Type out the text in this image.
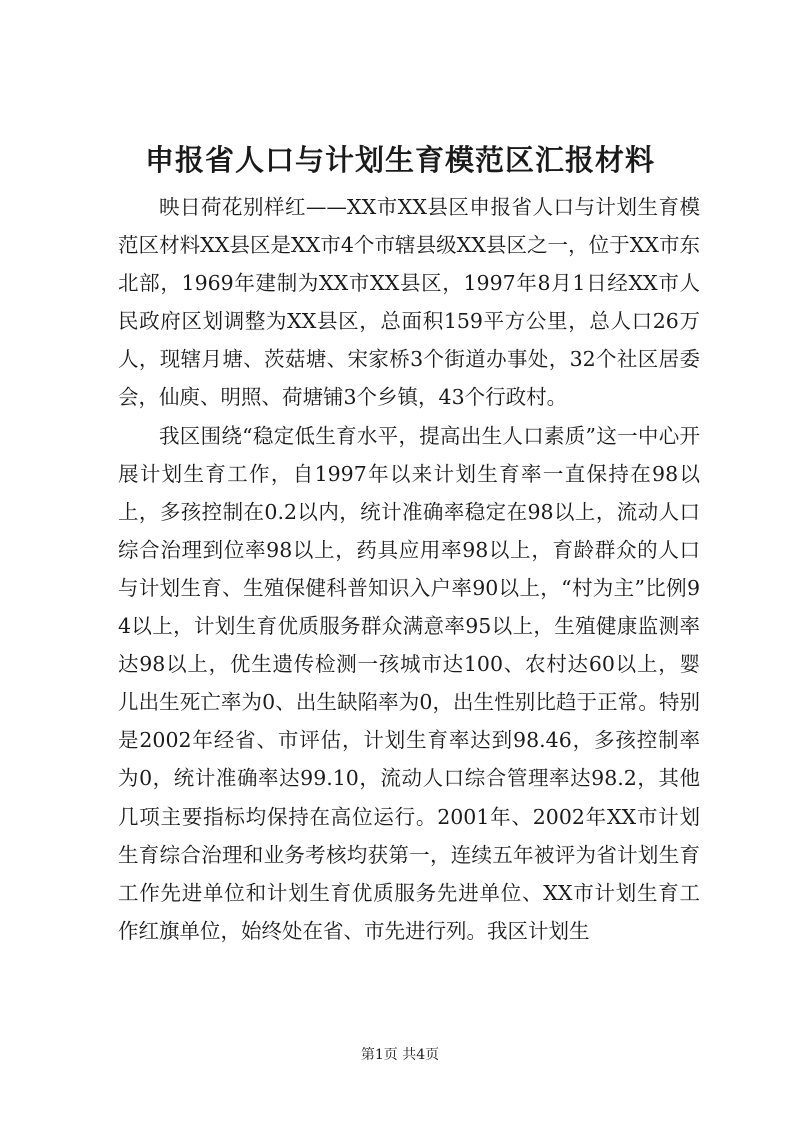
申报省人口与计划生育模范区汇报材料

映日荷花别样红——XX市XX县区申报省人口与计划生育模范区材料XX县区是XX市4个市辖县级XX县区之一，位于XX市东北部，1969年建制为XX市XX县区，1997年8月1日经XX市人民政府区划调整为XX县区，总面积159平方公里，总人口26万人，现辖月塘、茨菇塘、宋家桥3个街道办事处，32个社区居委会，仙庾、明照、荷塘铺3个乡镇，43个行政村。

我区围绕“稳定低生育水平，提高出生人口素质”这一中心开展计划生育工作，自1997年以来计划生育率一直保持在98以上，多孩控制在0.2以内，统计准确率稳定在98以上，流动人口综合治理到位率98以上，药具应用率98以上，育龄群众的人口与计划生育、生殖保健科普知识入户率90以上，“村为主”比例94以上，计划生育优质服务群众满意率95以上，生殖健康监测率达98以上，优生遗传检测一孩城市达100、农村达60以上，婴儿出生死亡率为0、出生缺陷率为0，出生性别比趋于正常。特别是2002年经省、市评估，计划生育率达到98.46，多孩控制率为0，统计准确率达99.10，流动人口综合管理率达98.2，其他几项主要指标均保持在高位运行。2001年、2002年XX市计划生育综合治理和业务考核均获第一，连续五年被评为省计划生育工作先进单位和计划生育优质服务先进单位、XX市计划生育工作红旗单位，始终处在省、市先进行列。我区计划生

第1页 共4页
